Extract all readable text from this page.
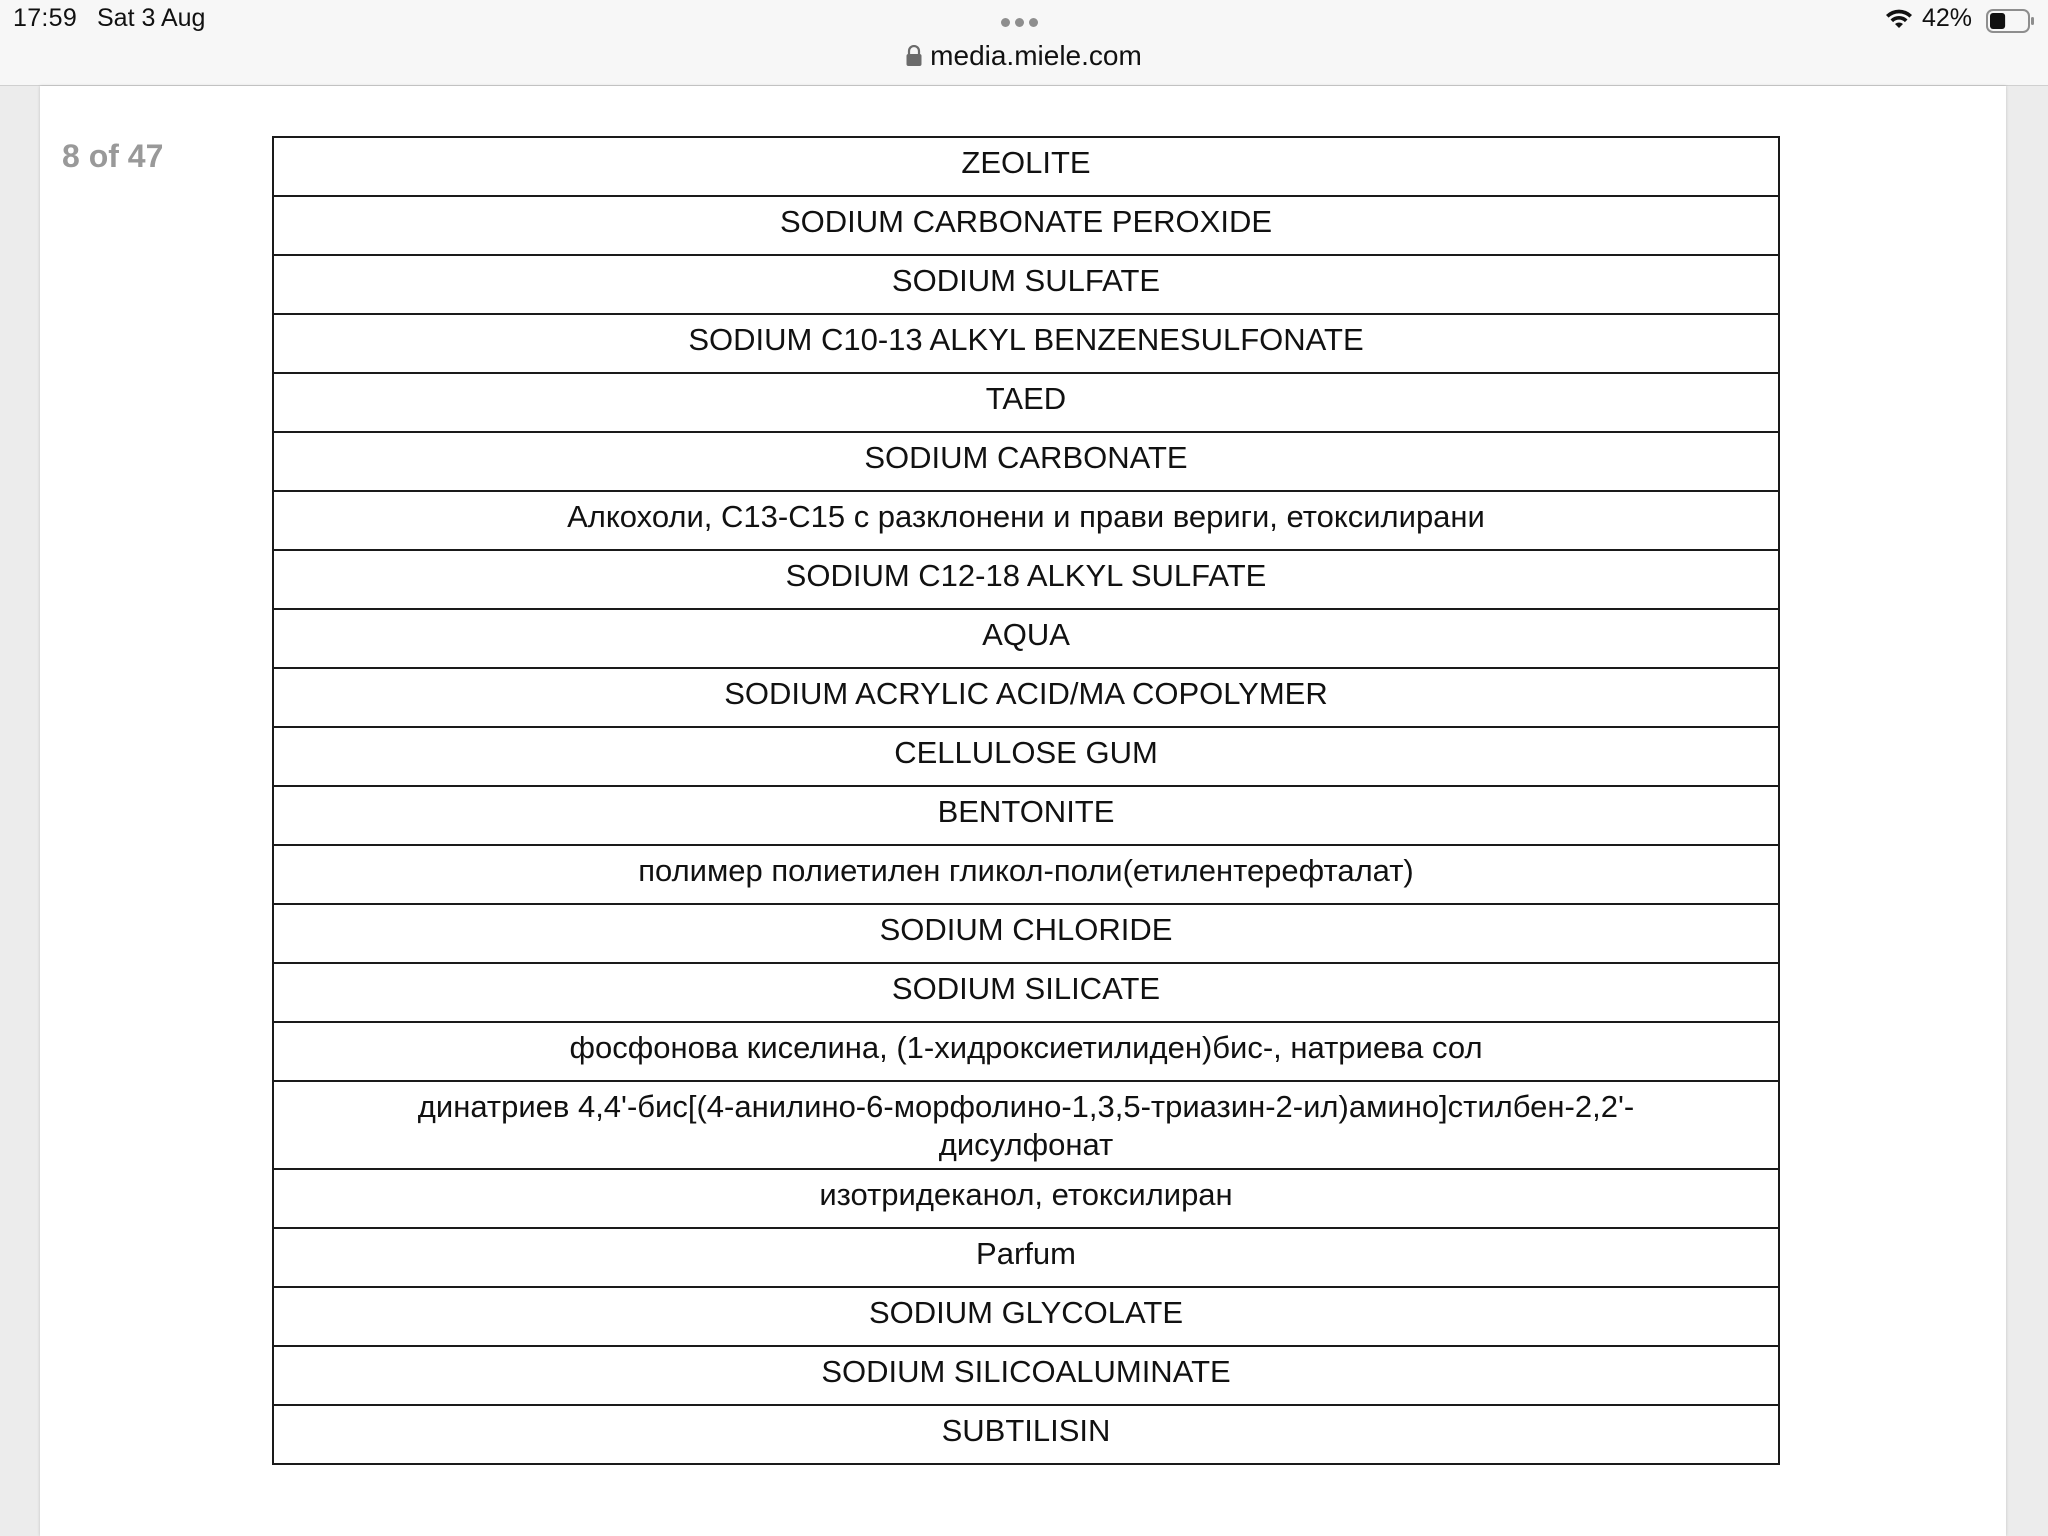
17:59 Sat 3 Aug
media.miele.com
42%
8 of 47	ZEOLITE
SODIUM CARBONATE PEROXIDE
SODIUM SULFATE
SODIUM C10-13 ALKYL BENZENESULFONATE
TAED
SODIUM CARBONATE
Алкохоли, C13-C15 с разклонени и прави вериги, етоксилирани
SODIUM C12-18 ALKYL SULFATE
AQUA
SODIUM ACRYLIC ACID/MA COPOLYMER
CELLULOSE GUM
BENTONITE
полимер полиетилен гликол-поли(етилентерефталат)
SODIUM CHLORIDE
SODIUM SILICATE
фосфонова киселина, (1-хидроксиетилиден)бис-, натриева сол
динатриев 4,4'-бис[(4-анилино-6-морфолино-1,3,5-триазин-2-ил)амино]стилбен-2,2'-дисулфонат
изотридеканол, етоксилиран
Parfum
SODIUM GLYCOLATE
SODIUM SILICOALUMINATE
SUBTILISIN
